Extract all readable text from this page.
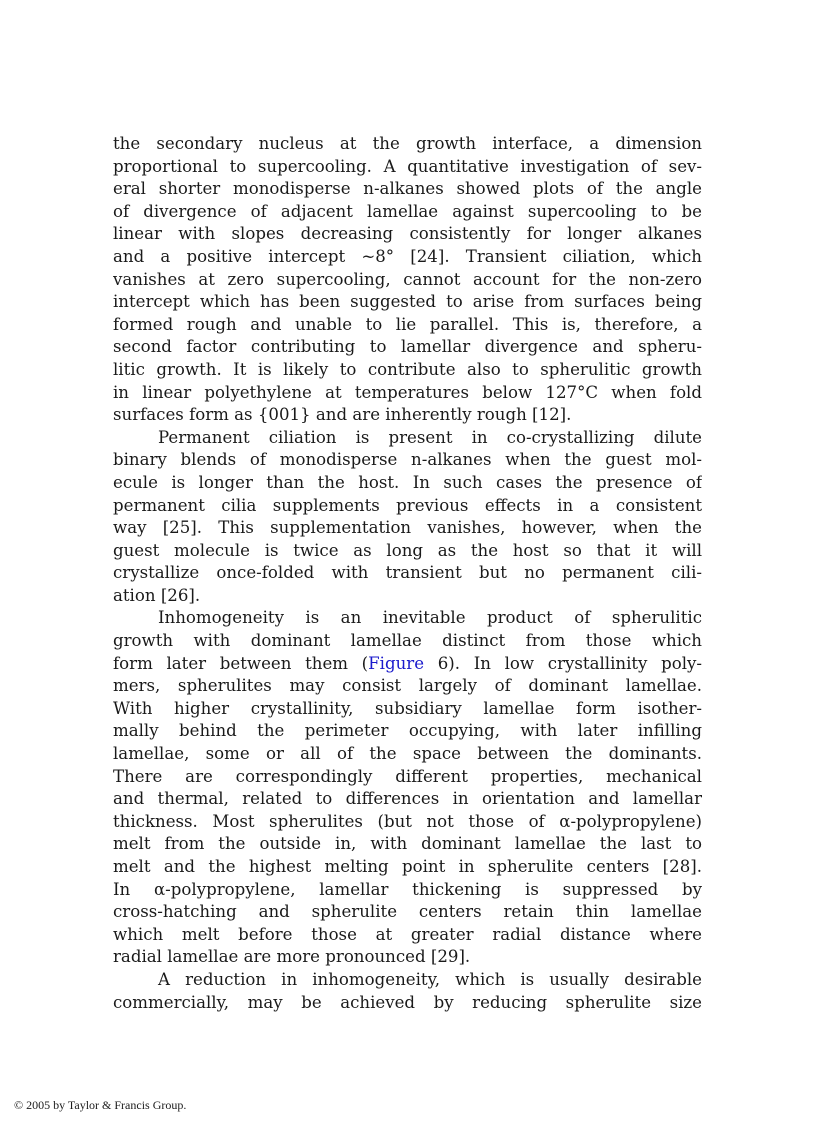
the secondary nucleus at the growth interface, a dimension
proportional to supercooling. A quantitative investigation of sev-
eral shorter monodisperse n-alkanes showed plots of the angle
of divergence of adjacent lamellae against supercooling to be
linear with slopes decreasing consistently for longer alkanes
and a positive intercept ~8° [24]. Transient ciliation, which
vanishes at zero supercooling, cannot account for the non-zero
intercept which has been suggested to arise from surfaces being
formed rough and unable to lie parallel. This is, therefore, a
second factor contributing to lamellar divergence and spheru-
litic growth. It is likely to contribute also to spherulitic growth
in linear polyethylene at temperatures below 127°C when fold
surfaces form as {001} and are inherently rough [12].
Permanent ciliation is present in co-crystallizing dilute
binary blends of monodisperse n-alkanes when the guest mol-
ecule is longer than the host. In such cases the presence of
permanent cilia supplements previous effects in a consistent
way [25]. This supplementation vanishes, however, when the
guest molecule is twice as long as the host so that it will
crystallize once-folded with transient but no permanent cili-
ation [26].
Inhomogeneity is an inevitable product of spherulitic
growth with dominant lamellae distinct from those which
form later between them (Figure 6). In low crystallinity poly-
mers, spherulites may consist largely of dominant lamellae.
With higher crystallinity, subsidiary lamellae form isother-
mally behind the perimeter occupying, with later infilling
lamellae, some or all of the space between the dominants.
There are correspondingly different properties, mechanical
and thermal, related to differences in orientation and lamellar
thickness. Most spherulites (but not those of α-polypropylene)
melt from the outside in, with dominant lamellae the last to
melt and the highest melting point in spherulite centers [28].
In α-polypropylene, lamellar thickening is suppressed by
cross-hatching and spherulite centers retain thin lamellae
which melt before those at greater radial distance where
radial lamellae are more pronounced [29].
A reduction in inhomogeneity, which is usually desirable
commercially, may be achieved by reducing spherulite size
© 2005 by Taylor & Francis Group.
